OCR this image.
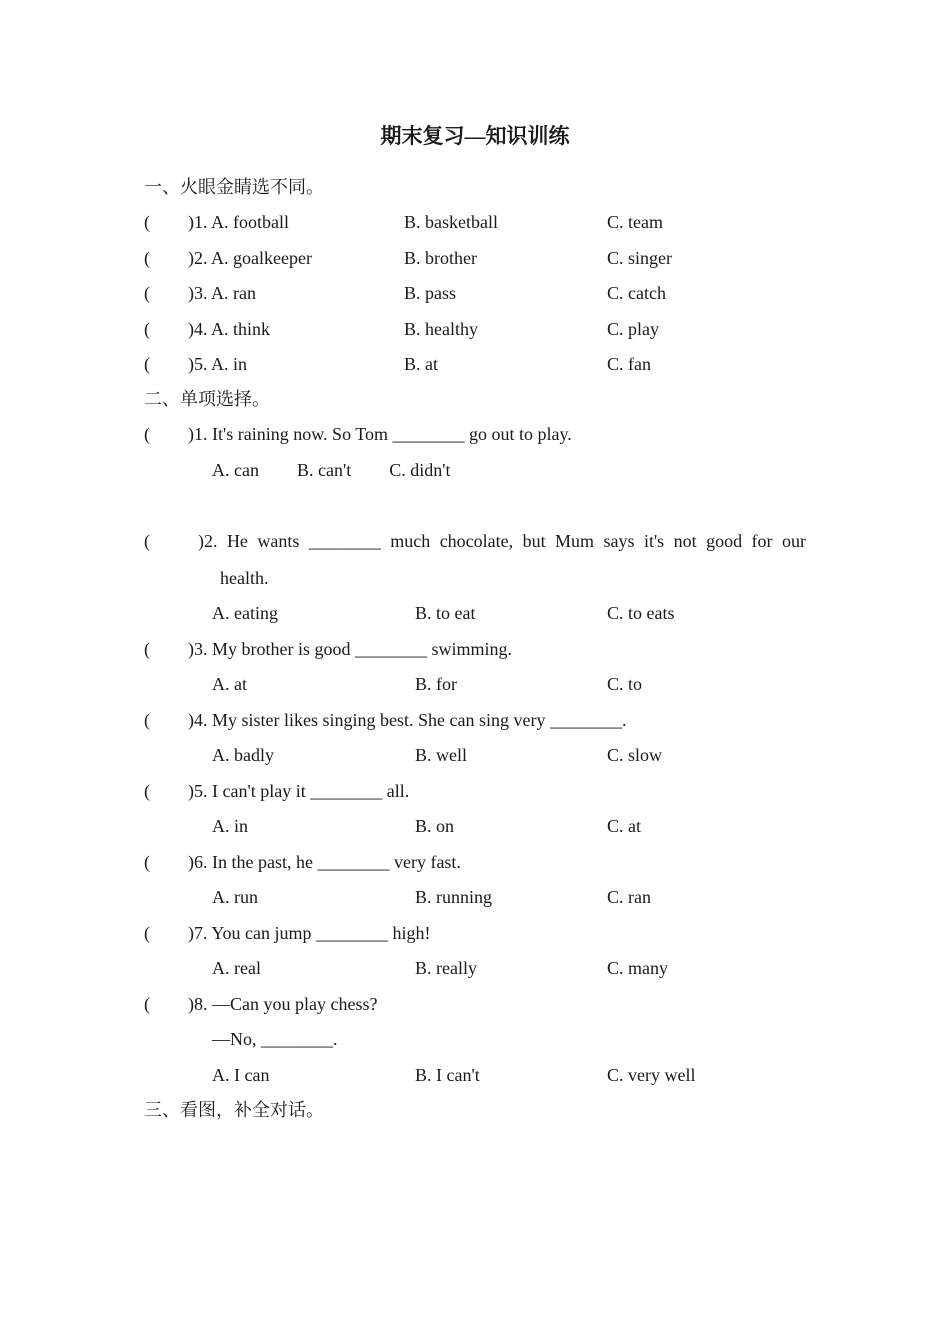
期末复习—知识训练
一、火眼金睛选不同。
( )1. A. football	B. basketball	C. team
( )2. A. goalkeeper	B. brother	C. singer
( )3. A. ran	B. pass	C. catch
( )4. A. think	B. healthy	C. play
( )5. A. in	B. at	C. fan
二、单项选择。
( )1. It's raining now. So Tom ________ go out to play.
A. can B. can't C. didn't
(	)2. He wants ________ much chocolate, but Mum says it's not good for our
health.
A. eating	B. to eat	C. to eats
( )3. My brother is good ________ swimming.
A. at	B. for	C. to
( )4. My sister likes singing best. She can sing very ________.
A. badly	B. well	C. slow
( )5. I can't play it ________ all.
A. in	B. on	C. at
( )6. In the past, he ________ very fast.
A. run	B. running	C. ran
( )7. You can jump ________ high!
A. real	B. really	C. many
( )8. —Can you play chess?
—No, ________.
A. I can	B. I can't	C. very well
三、看图，补全对话。
